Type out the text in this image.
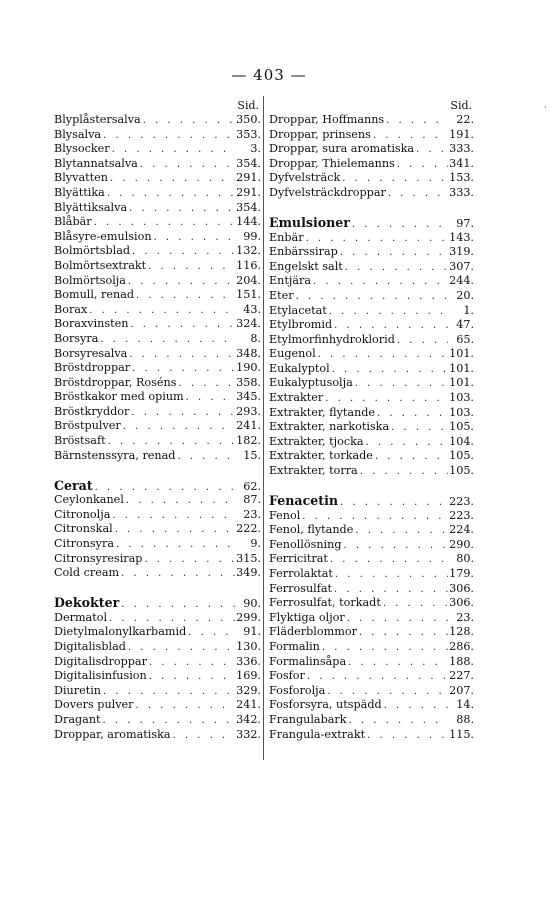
— 403 —
·
Sid.
Blyplåstersalva . . .	350.
Blysalva . . .	353.
Blysocker . . .	3.
Blytannatsalva . . .	354.
Blyvatten . . .	291.
Blyättika . . .	291.
Blyättiksalva . . .	354.
Blåbär . . .	144.
Blåsyre-emulsion . . .	99.
Bolmörtsblad . . .	132.
Bolmörtsextrakt . . .	116.
Bolmörtsolja . . .	204.
Bomull, renad . . .	151.
Borax . . .	43.
Boraxvinsten . . .	324.
Borsyra . . .	8.
Borsyresalva . . .	348.
Bröstdroppar . . .	190.
Bröstdroppar, Roséns . . .	358.
Bröstkakor med opium . . .	345.
Bröstkryddor . . .	293.
Bröstpulver . . .	241.
Bröstsaft . . .	182.
Bärnstenssyra, renad . . .	15.
Cerat . . .	62.
Ceylonkanel . . .	87.
Citronolja . . .	23.
Citronskal . . .	222.
Citronsyra . . .	9.
Citronsyresirap . . .	315.
Cold cream . . .	349.
Dekokter . . .	90.
Dermatol . . .	299.
Dietylmalonylkarbamid . . .	91.
Digitalisblad . . .	130.
Digitalisdroppar . . .	336.
Digitalisinfusion . . .	169.
Diuretin . . .	329.
Dovers pulver . . .	241.
Dragant . . .	342.
Droppar, aromatiska . . .	332.
Sid.
Droppar, Hoffmanns . . .	22.
Droppar, prinsens . . .	191.
Droppar, sura aromatiska . . .	333.
Droppar, Thielemanns . . .	341.
Dyfvelsträck . . .	153.
Dyfvelsträckdroppar . . .	333.
Emulsioner . . .	97.
Enbär . . .	143.
Enbärssirap . . .	319.
Engelskt salt . . .	307.
Entjära . . .	244.
Eter . . .	20.
Etylacetat . . .	1.
Etylbromid . . .	47.
Etylmorfinhydroklorid . . .	65.
Eugenol . . .	101.
Eukalyptol . . .	101.
Eukalyptusolja . . .	101.
Extrakter . . .	103.
Extrakter, flytande . . .	103.
Extrakter, narkotiska . . .	105.
Extrakter, tjocka . . .	104.
Extrakter, torkade . . .	105.
Extrakter, torra . . .	105.
Fenacetin . . .	223.
Fenol . . .	223.
Fenol, flytande . . .	224.
Fenollösning . . .	290.
Ferricitrat . . .	80.
Ferrolaktat . . .	179.
Ferrosulfat . . .	306.
Ferrosulfat, torkadt . . .	306.
Flyktiga oljor . . .	23.
Fläderblommor . . .	128.
Formalin . . .	286.
Formalinsåpa . . .	188.
Fosfor . . .	227.
Fosforolja . . .	207.
Fosforsyra, utspädd . . .	14.
Frangulabark . . .	88.
Frangula-extrakt . . .	115.
